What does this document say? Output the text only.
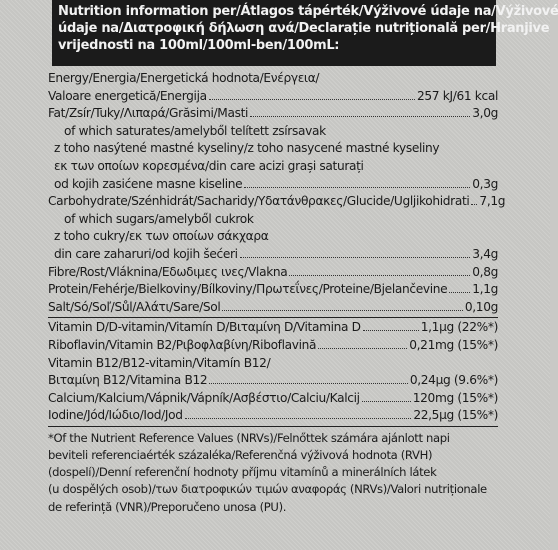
Nutrition information per/Átlagos tápérték/Výživové údaje na/Výživové
údaje na/Διατροφική δήλωση ανά/Declarație nutrițională per/Hranjive
vrijednosti na 100ml/100ml-ben/100mL:
Energy/Energia/Energetická hodnota/Ενέργεια/
Valoare energetică/Energija	257 kJ/61 kcal
Fat/Zsír/Tuky/Λιπαρά/Grăsimi/Masti	3,0g
of which saturates/amelyből telített zsírsavak
z toho nasýtené mastné kyseliny/z toho nasycené mastné kyseliny
εκ των οποίων κορεσμένα/din care acizi grași saturați
od kojih zasićene masne kiseline	0,3g
Carbohydrate/Szénhidrát/Sacharidy/Υδατάνθρακες/Glucide/Ugljikohidrati 7,1g
of which sugars/amelyből cukrok
z toho cukry/εκ των οποίων σάκχαρα
din care zaharuri/od kojih šećeri	3,4g
Fibre/Rost/Vláknina/Εδωδιμες ινες/Vlakna	0,8g
Protein/Fehérje/Bielkoviny/Bílkoviny/Πρωτεΐνες/Proteine/Bjelančevine 1,1g
Salt/Só/Soľ/Sůl/Αλάτι/Sare/Sol	0,10g
Vitamin D/D-vitamin/Vitamín D/Βιταμίνη D/Vitamina D	1,1µg (22%*)
Riboflavin/Vitamin B2/Ριβοφλαβίνη/Riboflavină	0,21mg (15%*)
Vitamin B12/B12-vitamin/Vitamín B12/
Βιταμίνη B12/Vitamina B12	0,24µg (9.6%*)
Calcium/Kalcium/Vápnik/Vápník/Ασβέστιο/Calciu/Kalcij	120mg (15%*)
Iodine/Jód/Ιώδιο/Iod/Jod	22,5µg (15%*)
*Of the Nutrient Reference Values (NRVs)/Felnőttek számára ajánlott napi
beviteli referenciaérték százaléka/Referenčná výživová hodnota (RVH)
(dospelí)/Denní referenční hodnoty příjmu vitamínů a minerálních látek
(u dospělých osob)/των διατροφικών τιμών αναφοράς (NRVs)/Valori nutriționale
de referință (VNR)/Preporučeno unosa (PU).
